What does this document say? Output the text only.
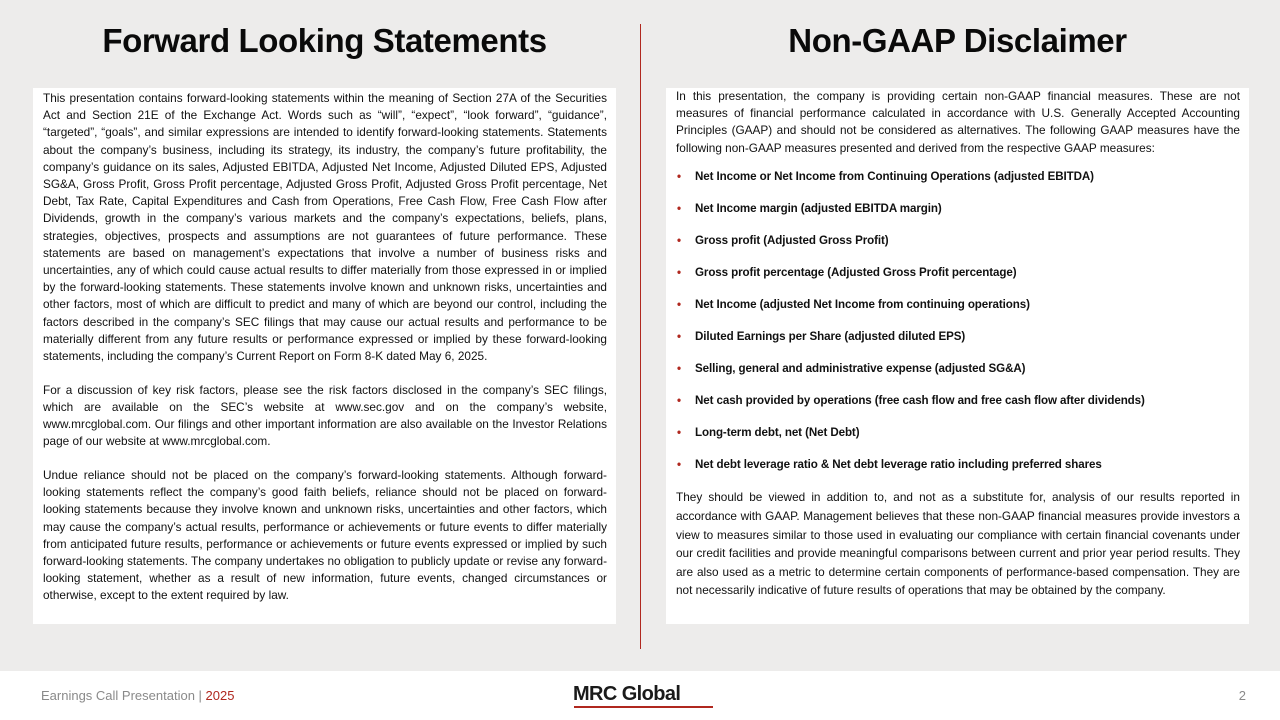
Forward Looking Statements	Non-GAAP Disclaimer

This presentation contains forward-looking statements within the meaning of Section 27A of the Securities Act and Section 21E of the Exchange Act. Words such as “will”, “expect”, “look forward”, “guidance”, “targeted”, “goals”, and similar expressions are intended to identify forward-looking statements. Statements about the company’s business, including its strategy, its industry, the company’s future profitability, the company’s guidance on its sales, Adjusted EBITDA, Adjusted Net Income, Adjusted Diluted EPS, Adjusted SG&A, Gross Profit, Gross Profit percentage, Adjusted Gross Profit, Adjusted Gross Profit percentage, Net Debt, Tax Rate, Capital Expenditures and Cash from Operations, Free Cash Flow, Free Cash Flow after Dividends, growth in the company’s various markets and the company’s expectations, beliefs, plans, strategies, objectives, prospects and assumptions are not guarantees of future performance. These statements are based on management’s expectations that involve a number of business risks and uncertainties, any of which could cause actual results to differ materially from those expressed in or implied by the forward-looking statements. These statements involve known and unknown risks, uncertainties and other factors, most of which are difficult to predict and many of which are beyond our control, including the factors described in the company’s SEC filings that may cause our actual results and performance to be materially different from any future results or performance expressed or implied by these forward-looking statements, including the company’s Current Report on Form 8-K dated May 6, 2025.

For a discussion of key risk factors, please see the risk factors disclosed in the company’s SEC filings, which are available on the SEC’s website at www.sec.gov and on the company’s website, www.mrcglobal.com. Our filings and other important information are also available on the Investor Relations page of our website at www.mrcglobal.com.

Undue reliance should not be placed on the company’s forward-looking statements. Although forward-looking statements reflect the company’s good faith beliefs, reliance should not be placed on forward-looking statements because they involve known and unknown risks, uncertainties and other factors, which may cause the company’s actual results, performance or achievements or future events to differ materially from anticipated future results, performance or achievements or future events expressed or implied by such forward-looking statements. The company undertakes no obligation to publicly update or revise any forward-looking statement, whether as a result of new information, future events, changed circumstances or otherwise, except to the extent required by law.

In this presentation, the company is providing certain non-GAAP financial measures. These are not measures of financial performance calculated in accordance with U.S. Generally Accepted Accounting Principles (GAAP) and should not be considered as alternatives. The following GAAP measures have the following non-GAAP measures presented and derived from the respective GAAP measures:

• Net Income or Net Income from Continuing Operations (adjusted EBITDA)
• Net Income margin (adjusted EBITDA margin)
• Gross profit (Adjusted Gross Profit)
• Gross profit percentage (Adjusted Gross Profit percentage)
• Net Income (adjusted Net Income from continuing operations)
• Diluted Earnings per Share (adjusted diluted EPS)
• Selling, general and administrative expense (adjusted SG&A)
• Net cash provided by operations (free cash flow and free cash flow after dividends)
• Long-term debt, net (Net Debt)
• Net debt leverage ratio & Net debt leverage ratio including preferred shares

They should be viewed in addition to, and not as a substitute for, analysis of our results reported in accordance with GAAP. Management believes that these non-GAAP financial measures provide investors a view to measures similar to those used in evaluating our compliance with certain financial covenants under our credit facilities and provide meaningful comparisons between current and prior year period results. They are also used as a metric to determine certain components of performance-based compensation. They are not necessarily indicative of future results of operations that may be obtained by the company.

Earnings Call Presentation | 2025	MRC Global	2
